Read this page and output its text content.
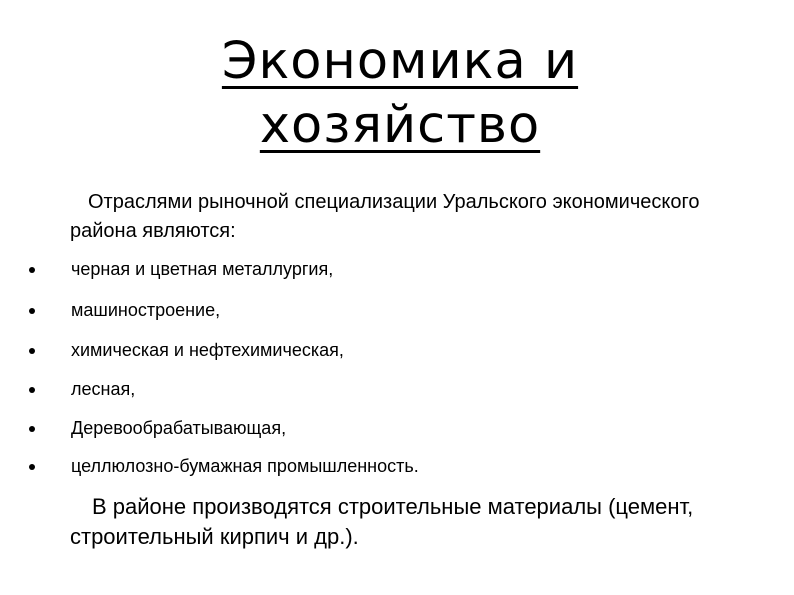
Экономика и
хозяйство

Отраслями рыночной специализации Уральского экономического района являются:

черная и цветная металлургия,
машиностроение,
химическая и нефтехимическая,
лесная,
Деревообрабатывающая,
целлюлозно-бумажная промышленность.

В районе производятся строительные материалы (цемент, строительный кирпич и др.).
